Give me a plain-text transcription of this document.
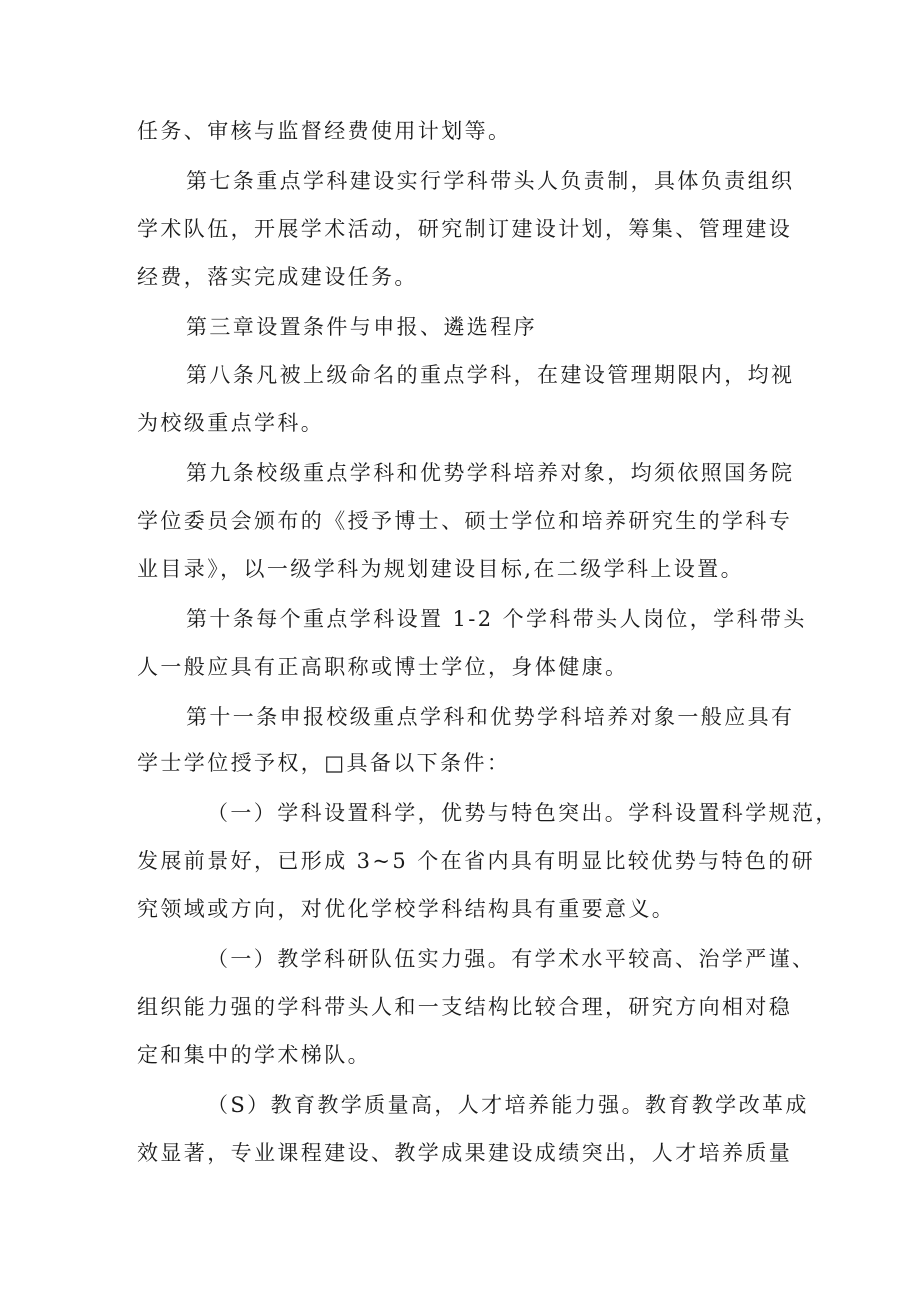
任务、审核与监督经费使用计划等。

第七条重点学科建设实行学科带头人负责制，具体负责组织

学术队伍，开展学术活动，研究制订建设计划，筹集、管理建设

经费，落实完成建设任务。

第三章设置条件与申报、遴选程序

第八条凡被上级命名的重点学科，在建设管理期限内，均视

为校级重点学科。

第九条校级重点学科和优势学科培养对象，均须依照国务院

学位委员会颁布的《授予博士、硕士学位和培养研究生的学科专

业目录》，以一级学科为规划建设目标,在二级学科上设置。

第十条每个重点学科设置 1-2 个学科带头人岗位，学科带头

人一般应具有正高职称或博士学位，身体健康。

第十一条申报校级重点学科和优势学科培养对象一般应具有

学士学位授予权，□具备以下条件：

（一）学科设置科学，优势与特色突出。学科设置科学规范，

发展前景好，已形成 3~5 个在省内具有明显比较优势与特色的研

究领域或方向，对优化学校学科结构具有重要意义。

（一）教学科研队伍实力强。有学术水平较高、治学严谨、

组织能力强的学科带头人和一支结构比较合理，研究方向相对稳

定和集中的学术梯队。

（S）教育教学质量高，人才培养能力强。教育教学改革成

效显著，专业课程建设、教学成果建设成绩突出，人才培养质量
